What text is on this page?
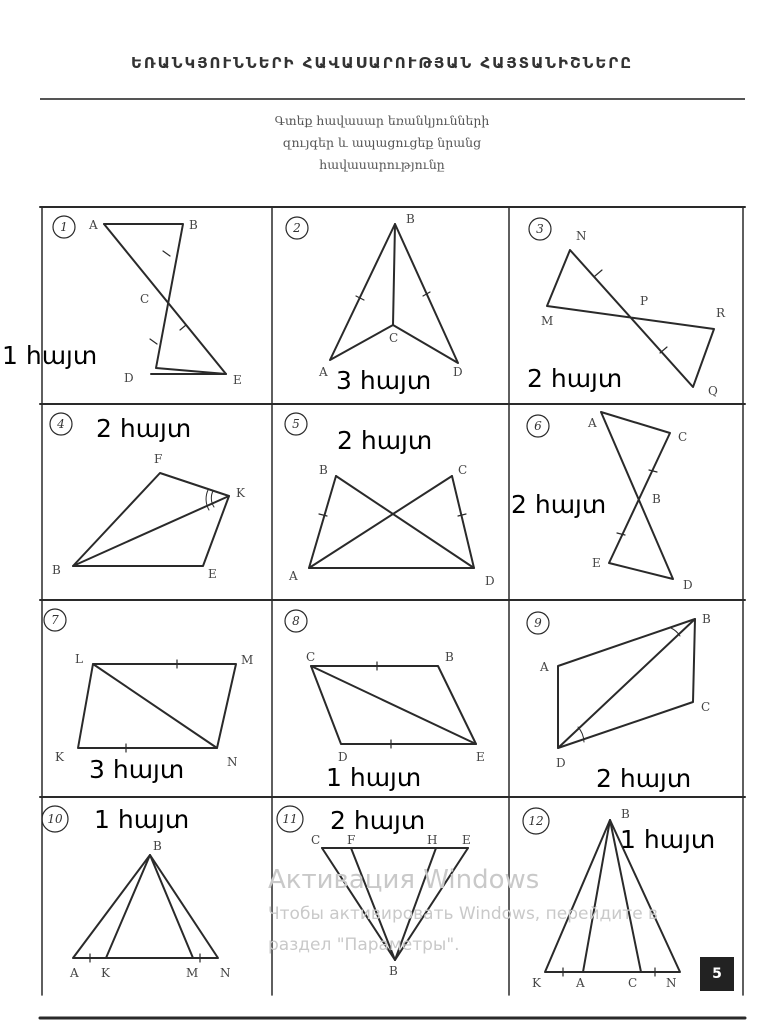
ԵՌԱՆԿՅՈՒՆՆԵՐԻ ՀԱՎԱՍԱՐՈՒԹՅԱՆ ՀԱՅՏԱՆԻՇՆԵՐԸ
Գտեք հավասար եռանկյունների
զույգեր և ապացուցեք նրանց
հավասարությունը
1	2	3
4	5	6
7	8	9
10	11	12
A	B
C
D	E
B
C
A	D
N
M
P
R
Q
F
K
B	E
B	C
A	D
A
C
B
E
D
L	M
K	N
C	B
D	E
B
A
C
D
B
A K	M N
C F	H E
B
B
K	A	C N
1 հայտ
3 հայտ	2 հայտ
2 հայտ	2 հայտ
2 հայտ
3 հայտ	1 հայտ	2 հայտ
1 հայտ	2 հայտ
1 հայտ
Активация Windows
Чтобы активировать Windows, перейдите в
раздел "Параметры".
5
